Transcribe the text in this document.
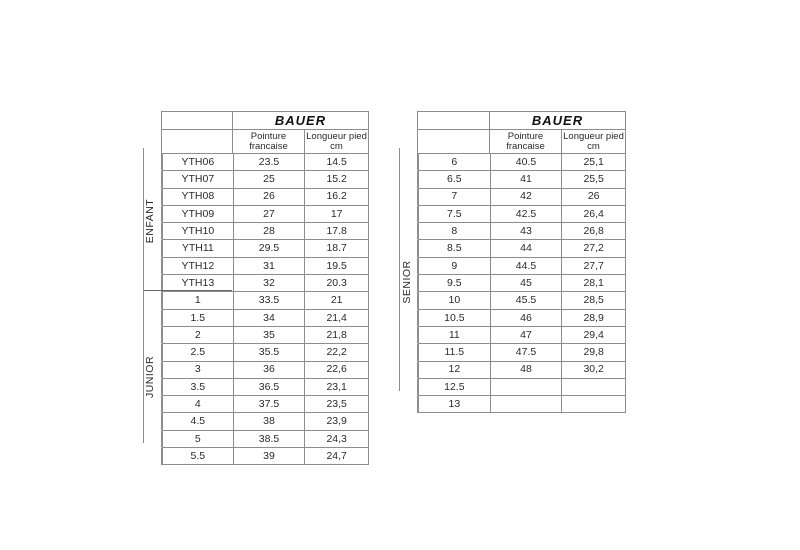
BAUER
Pointure francaise
Longueur pied cm
YTH06	23.5	14.5
YTH07	25	15.2
YTH08	26	16.2
YTH09	27	17
YTH10	28	17.8
YTH11	29.5	18.7
YTH12	31	19.5
YTH13	32	20.3
1	33.5	21
1.5	34	21,4
2	35	21,8
2.5	35.5	22,2
3	36	22,6
3.5	36.5	23,1
4	37.5	23,5
4.5	38	23,9
5	38.5	24,3
5.5	39	24,7
ENFANT
JUNIOR
BAUER
Pointure francaise
Longueur pied cm
6	40.5	25,1
6.5	41	25,5
7	42	26
7.5	42.5	26,4
8	43	26,8
8.5	44	27,2
9	44.5	27,7
9.5	45	28,1
10	45.5	28,5
10.5	46	28,9
11	47	29,4
11.5	47.5	29,8
12	48	30,2
12.5
13
SENIOR
